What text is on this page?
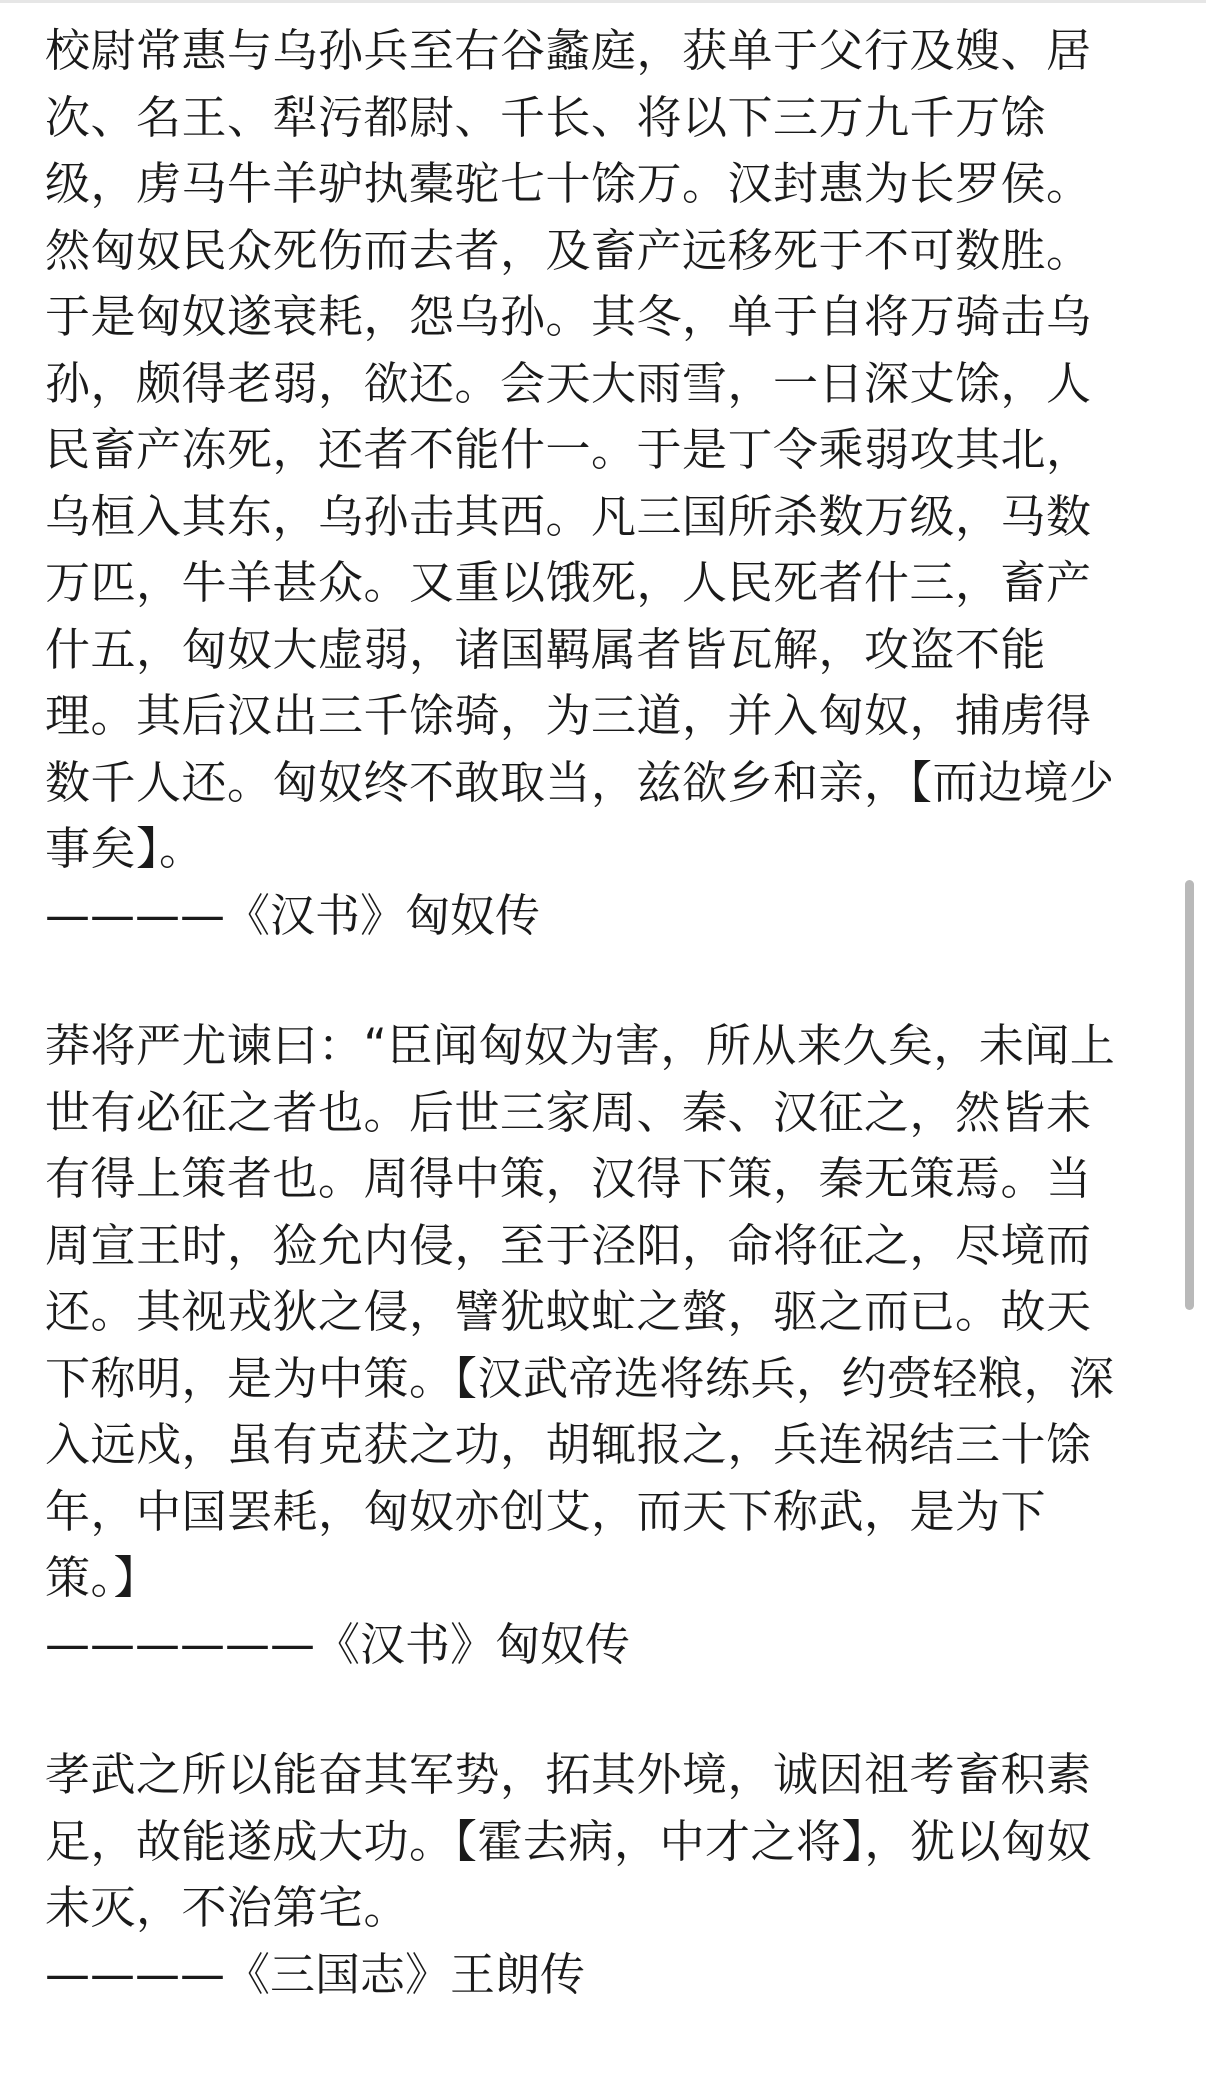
校尉常惠与乌孙兵至右谷蠡庭，获单于父行及嫂、居
次、名王、犁污都尉、千长、将以下三万九千万馀
级，虏马牛羊驴执橐驼七十馀万。汉封惠为长罗侯。
然匈奴民众死伤而去者，及畜产远移死于不可数胜。
于是匈奴遂衰耗，怨乌孙。其冬，单于自将万骑击乌
孙，颇得老弱，欲还。会天大雨雪，一日深丈馀，人
民畜产冻死，还者不能什一。于是丁令乘弱攻其北，
乌桓入其东，乌孙击其西。凡三国所杀数万级，马数
万匹，牛羊甚众。又重以饿死，人民死者什三，畜产
什五，匈奴大虚弱，诸国羁属者皆瓦解，攻盗不能
理。其后汉出三千馀骑，为三道，并入匈奴，捕虏得
数千人还。匈奴终不敢取当，兹欲乡和亲，【而边境少
事矣】。
————《汉书》匈奴传
莽将严尤谏曰：“臣闻匈奴为害，所从来久矣，未闻上
世有必征之者也。后世三家周、秦、汉征之，然皆未
有得上策者也。周得中策，汉得下策，秦无策焉。当
周宣王时，猃允内侵，至于泾阳，命将征之，尽境而
还。其视戎狄之侵，譬犹蚊虻之螫，驱之而已。故天
下称明，是为中策。【汉武帝选将练兵，约赍轻粮，深
入远戍，虽有克获之功，胡辄报之，兵连祸结三十馀
年，中国罢耗，匈奴亦创艾，而天下称武，是为下
策。】
——————《汉书》匈奴传
孝武之所以能奋其军势，拓其外境，诚因祖考畜积素
足，故能遂成大功。【霍去病，中才之将】，犹以匈奴
未灭，不治第宅。
————《三国志》王朗传
